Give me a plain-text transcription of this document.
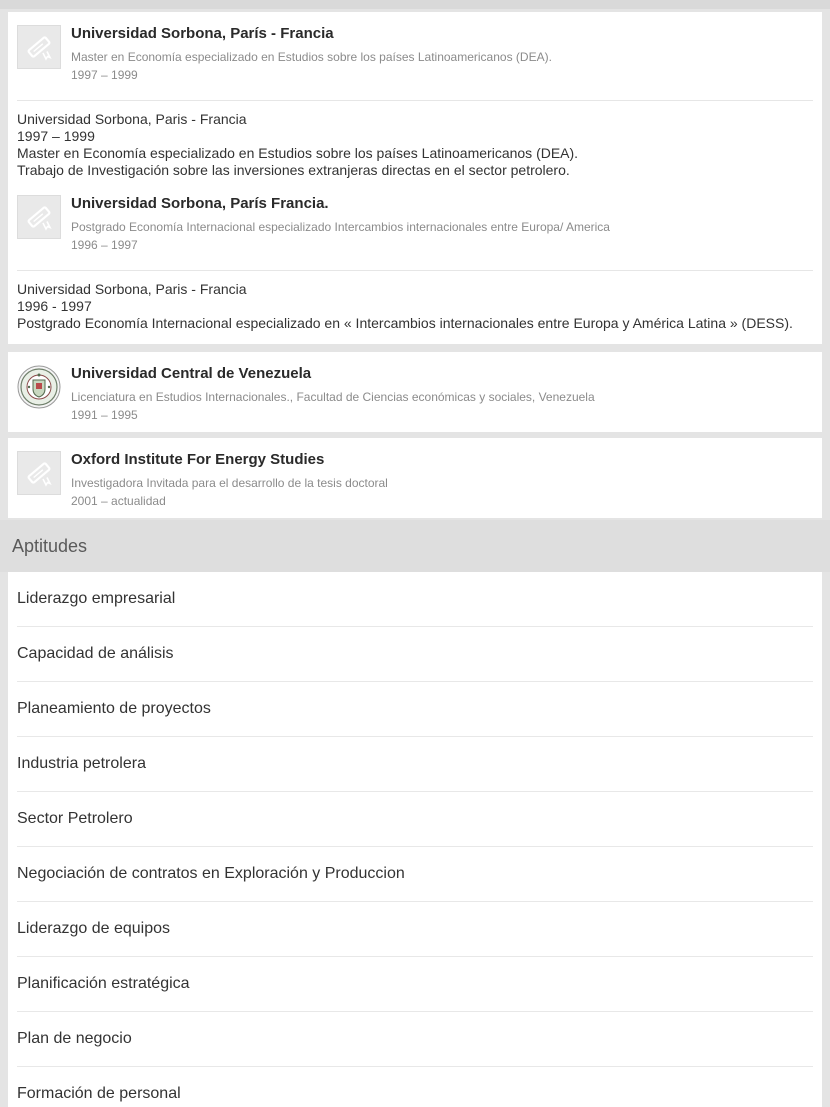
Universidad Sorbona, París - Francia
Master en Economía especializado en Estudios sobre los países Latinoamericanos (DEA).
1997 – 1999
Universidad Sorbona, Paris - Francia
1997 – 1999
Master en Economía especializado en Estudios sobre los países Latinoamericanos (DEA).
Trabajo de Investigación sobre las inversiones extranjeras directas en el sector petrolero.
Universidad Sorbona, París Francia.
Postgrado Economía Internacional especializado Intercambios internacionales entre Europa/ America
1996 – 1997
Universidad Sorbona, Paris - Francia
1996 - 1997
Postgrado Economía Internacional especializado en « Intercambios internacionales entre Europa y América Latina » (DESS).
Universidad Central de Venezuela
Licenciatura en Estudios Internacionales., Facultad de Ciencias económicas y sociales, Venezuela
1991 – 1995
Oxford Institute For Energy Studies
Investigadora Invitada para el desarrollo de la tesis doctoral
2001 – actualidad
Aptitudes
Liderazgo empresarial
Capacidad de análisis
Planeamiento de proyectos
Industria petrolera
Sector Petrolero
Negociación de contratos en Exploración y Produccion
Liderazgo de equipos
Planificación estratégica
Plan de negocio
Formación de personal
